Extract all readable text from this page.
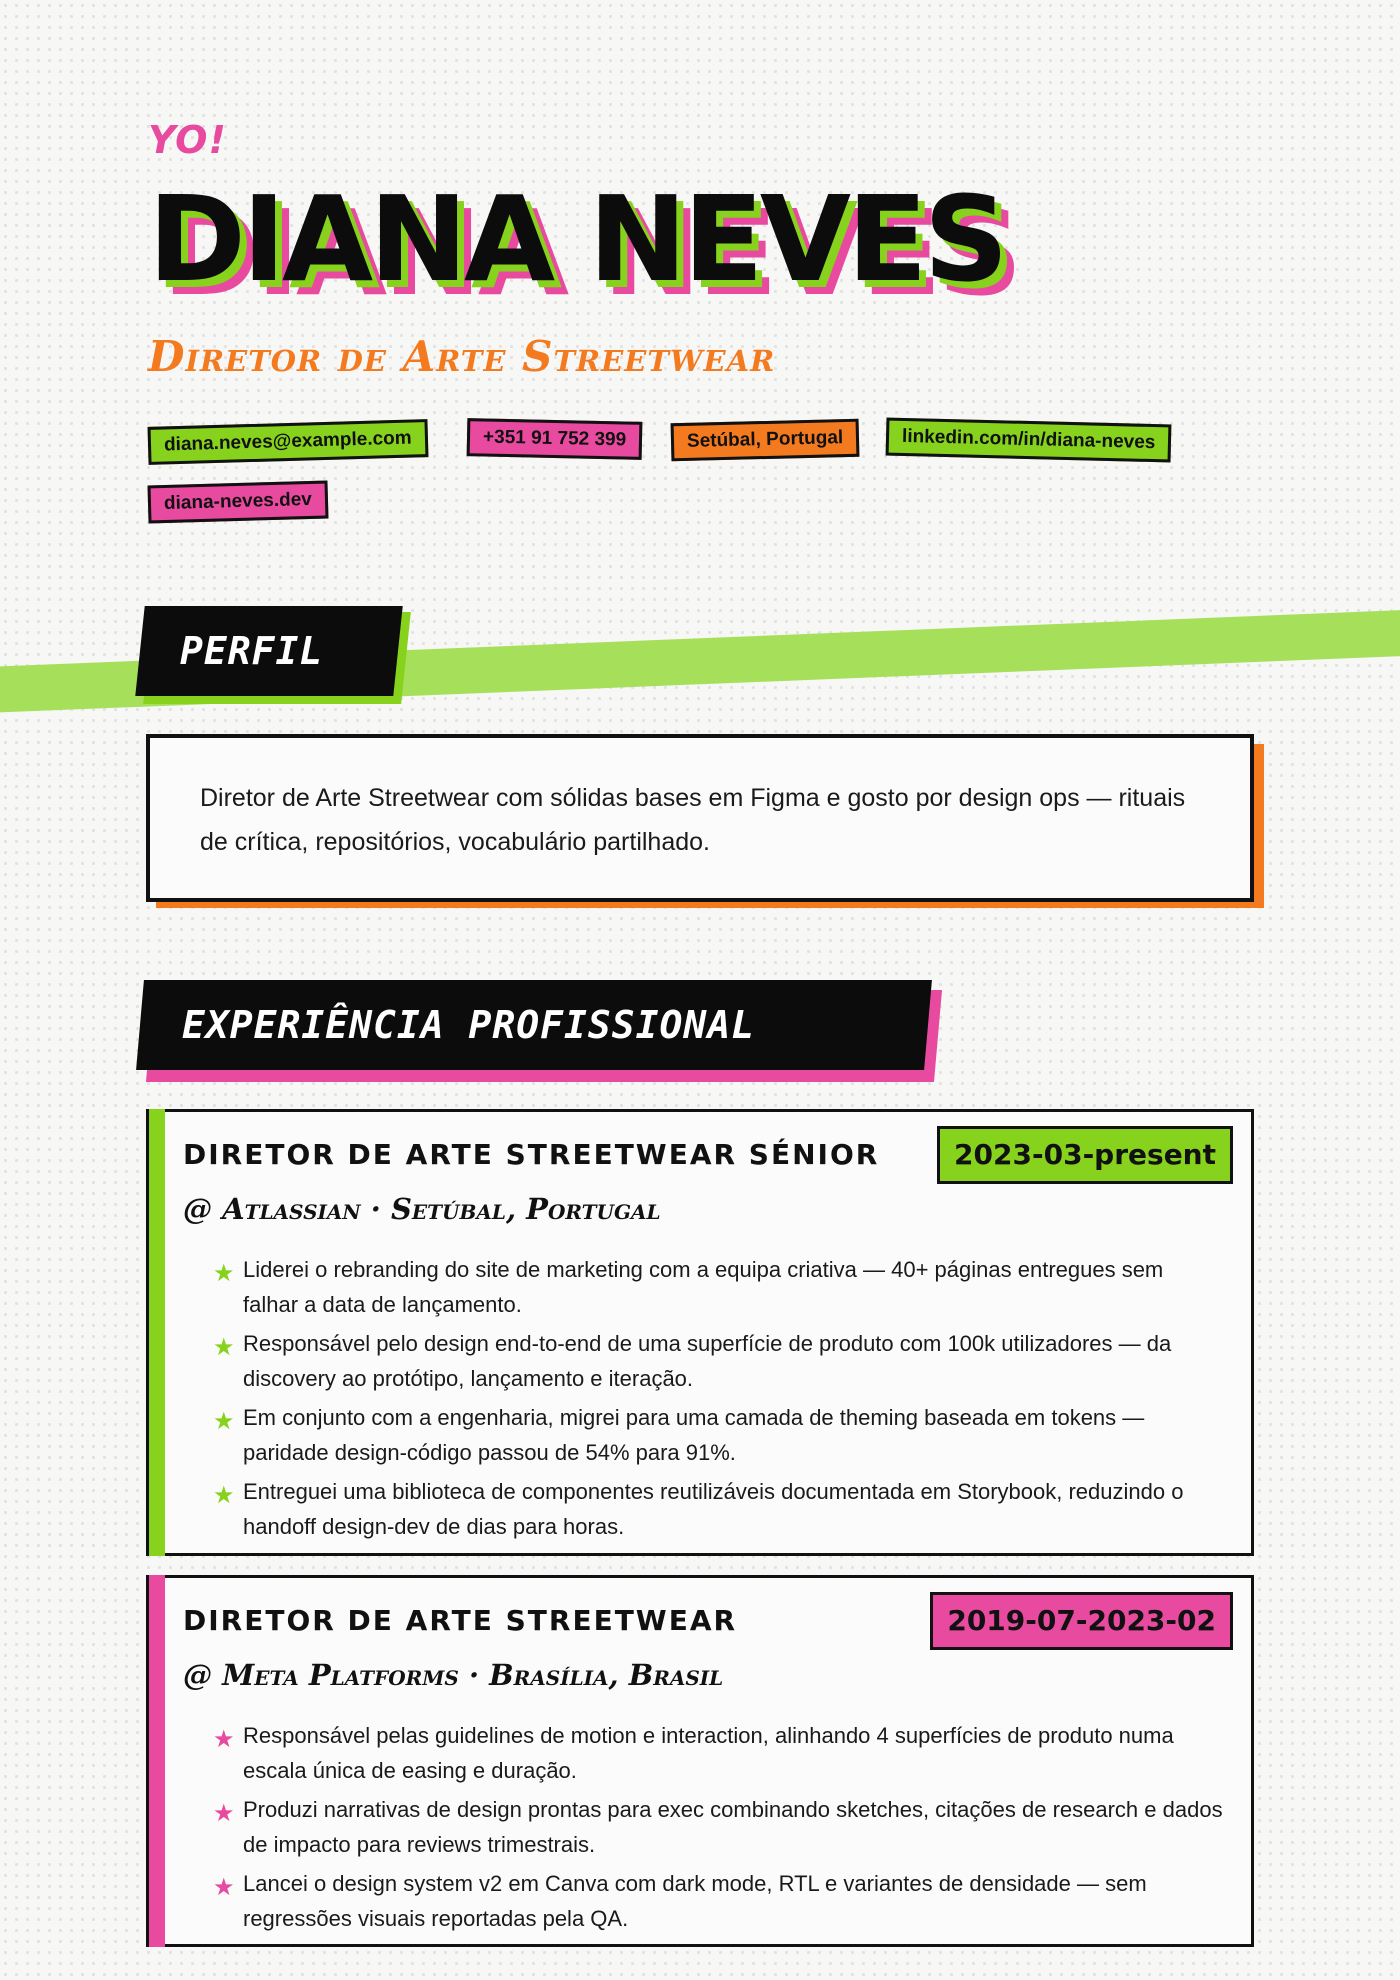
YO!
DIANA NEVES
Diretor de Arte Streetwear
diana.neves@example.com	+351 91 752 399	Setúbal, Portugal	linkedin.com/in/diana-neves
diana-neves.dev
PERFIL
Diretor de Arte Streetwear com sólidas bases em Figma e gosto por design ops — rituais de crítica, repositórios, vocabulário partilhado.
EXPERIÊNCIA PROFISSIONAL
DIRETOR DE ARTE STREETWEAR SÉNIOR	2023-03-present
@ Atlassian · Setúbal, Portugal
★ Liderei o rebranding do site de marketing com a equipa criativa — 40+ páginas entregues sem falhar a data de lançamento.
★ Responsável pelo design end-to-end de uma superfície de produto com 100k utilizadores — da discovery ao protótipo, lançamento e iteração.
★ Em conjunto com a engenharia, migrei para uma camada de theming baseada em tokens — paridade design-código passou de 54% para 91%.
★ Entreguei uma biblioteca de componentes reutilizáveis documentada em Storybook, reduzindo o handoff design-dev de dias para horas.
DIRETOR DE ARTE STREETWEAR	2019-07-2023-02
@ Meta Platforms · Brasília, Brasil
★ Responsável pelas guidelines de motion e interaction, alinhando 4 superfícies de produto numa escala única de easing e duração.
★ Produzi narrativas de design prontas para exec combinando sketches, citações de research e dados de impacto para reviews trimestrais.
★ Lancei o design system v2 em Canva com dark mode, RTL e variantes de densidade — sem regressões visuais reportadas pela QA.
